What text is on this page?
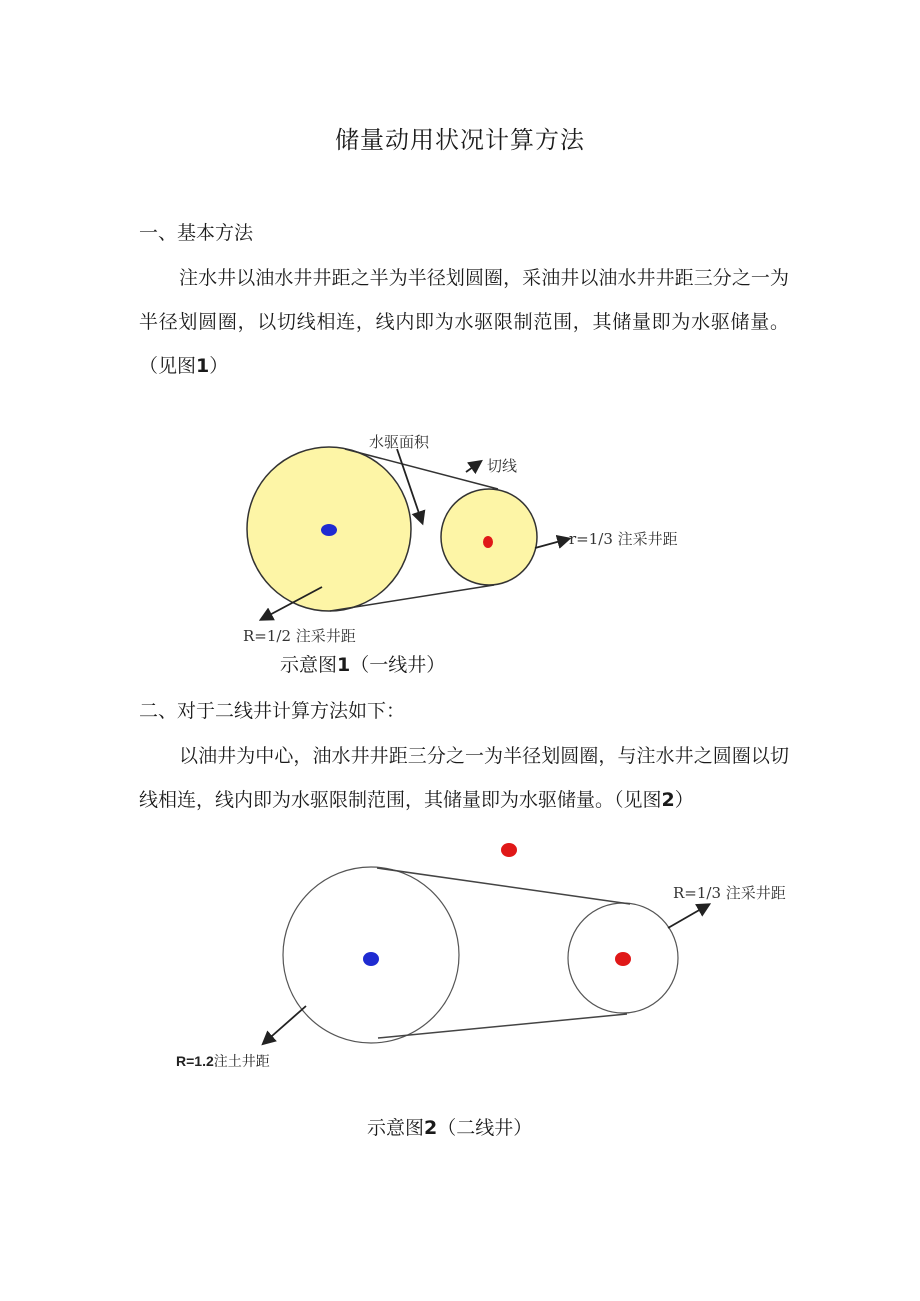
储量动用状况计算方法
一、基本方法
注水井以油水井井距之半为半径划圆圈，采油井以油水井井距三分之一为半径划圆圈，以切线相连，线内即为水驱限制范围，其储量即为水驱储量。（见图1）
水驱面积
切线
r=1/3 注采井距
R=1/2 注采井距
示意图1（一线井）
二、对于二线井计算方法如下：
以油井为中心，油水井井距三分之一为半径划圆圈，与注水井之圆圈以切线相连，线内即为水驱限制范围，其储量即为水驱储量。（见图2）
R=1/3 注采井距
R=1.2注土井距
示意图2（二线井）
